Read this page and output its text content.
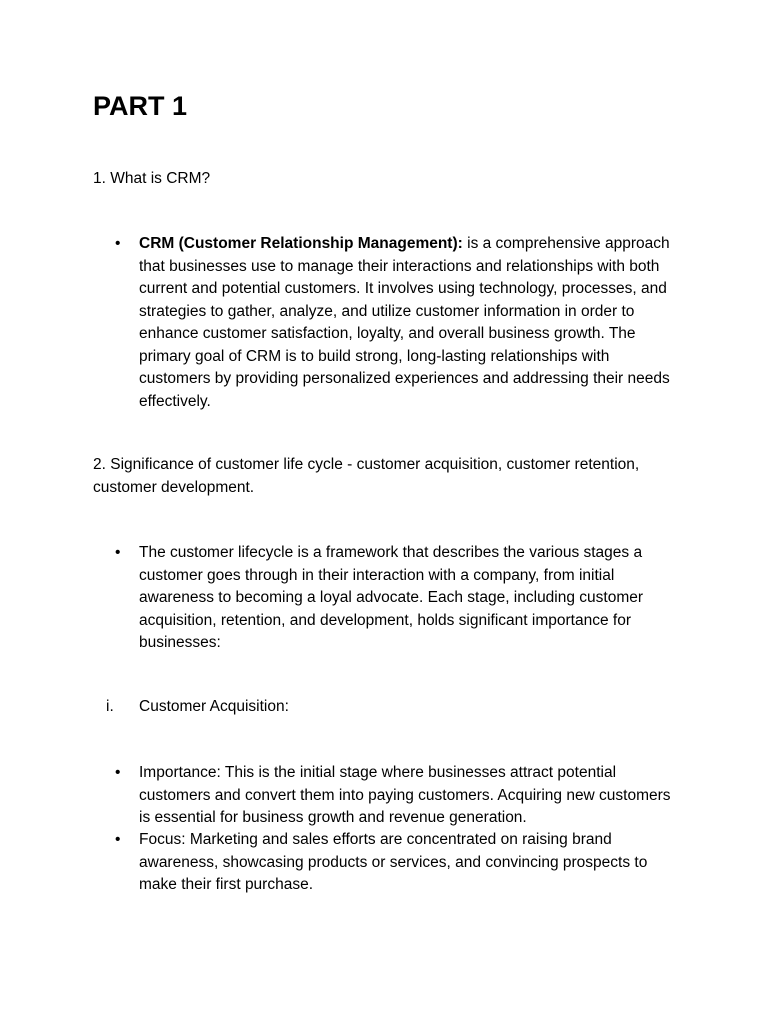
PART 1

1. What is CRM?

• CRM (Customer Relationship Management): is a comprehensive approach that businesses use to manage their interactions and relationships with both current and potential customers. It involves using technology, processes, and strategies to gather, analyze, and utilize customer information in order to enhance customer satisfaction, loyalty, and overall business growth. The primary goal of CRM is to build strong, long-lasting relationships with customers by providing personalized experiences and addressing their needs effectively.

2. Significance of customer life cycle - customer acquisition, customer retention, customer development.

• The customer lifecycle is a framework that describes the various stages a customer goes through in their interaction with a company, from initial awareness to becoming a loyal advocate. Each stage, including customer acquisition, retention, and development, holds significant importance for businesses:
i. Customer Acquisition:
• Importance: This is the initial stage where businesses attract potential customers and convert them into paying customers. Acquiring new customers is essential for business growth and revenue generation.
• Focus: Marketing and sales efforts are concentrated on raising brand awareness, showcasing products or services, and convincing prospects to make their first purchase.
